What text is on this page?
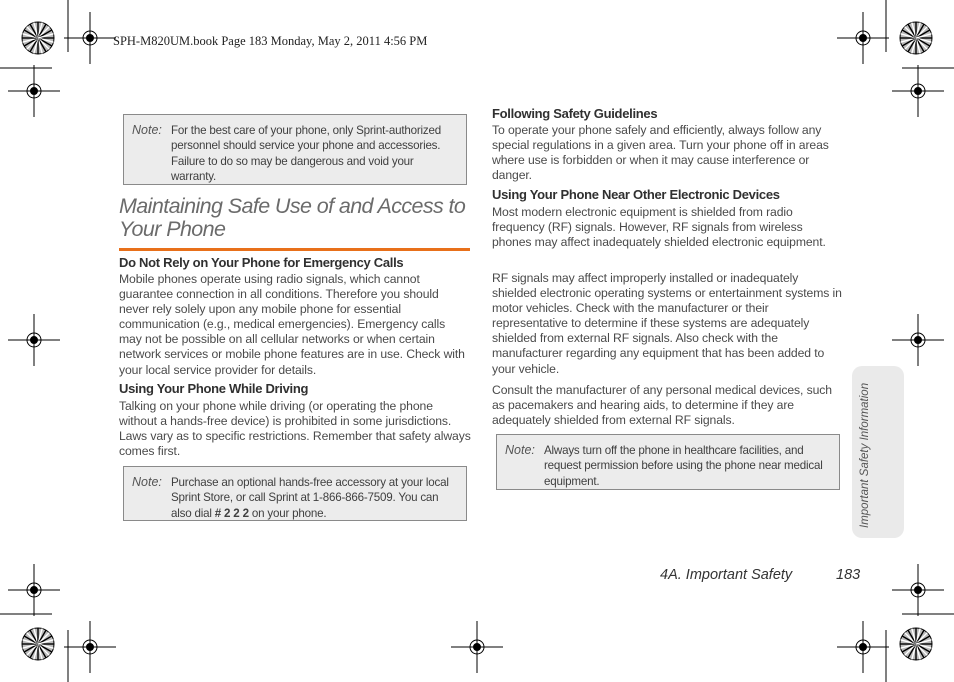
SPH-M820UM.book Page 183 Monday, May 2, 2011 4:56 PM
Note: For the best care of your phone, only Sprint-authorized personnel should service your phone and accessories. Failure to do so may be dangerous and void your warranty.
Maintaining Safe Use of and Access to Your Phone
Do Not Rely on Your Phone for Emergency Calls
Mobile phones operate using radio signals, which cannot guarantee connection in all conditions. Therefore you should never rely solely upon any mobile phone for essential communication (e.g., medical emergencies). Emergency calls may not be possible on all cellular networks or when certain network services or mobile phone features are in use. Check with your local service provider for details.
Using Your Phone While Driving
Talking on your phone while driving (or operating the phone without a hands-free device) is prohibited in some jurisdictions. Laws vary as to specific restrictions. Remember that safety always comes first.
Note: Purchase an optional hands-free accessory at your local Sprint Store, or call Sprint at 1-866-866-7509. You can also dial # 2 2 2 on your phone.
Following Safety Guidelines
To operate your phone safely and efficiently, always follow any special regulations in a given area. Turn your phone off in areas where use is forbidden or when it may cause interference or danger.
Using Your Phone Near Other Electronic Devices
Most modern electronic equipment is shielded from radio frequency (RF) signals. However, RF signals from wireless phones may affect inadequately shielded electronic equipment.
RF signals may affect improperly installed or inadequately shielded electronic operating systems or entertainment systems in motor vehicles. Check with the manufacturer or their representative to determine if these systems are adequately shielded from external RF signals. Also check with the manufacturer regarding any equipment that has been added to your vehicle.
Consult the manufacturer of any personal medical devices, such as pacemakers and hearing aids, to determine if they are adequately shielded from external RF signals.
Note: Always turn off the phone in healthcare facilities, and request permission before using the phone near medical equipment.	Important Safety Information
4A. Important Safety	183
